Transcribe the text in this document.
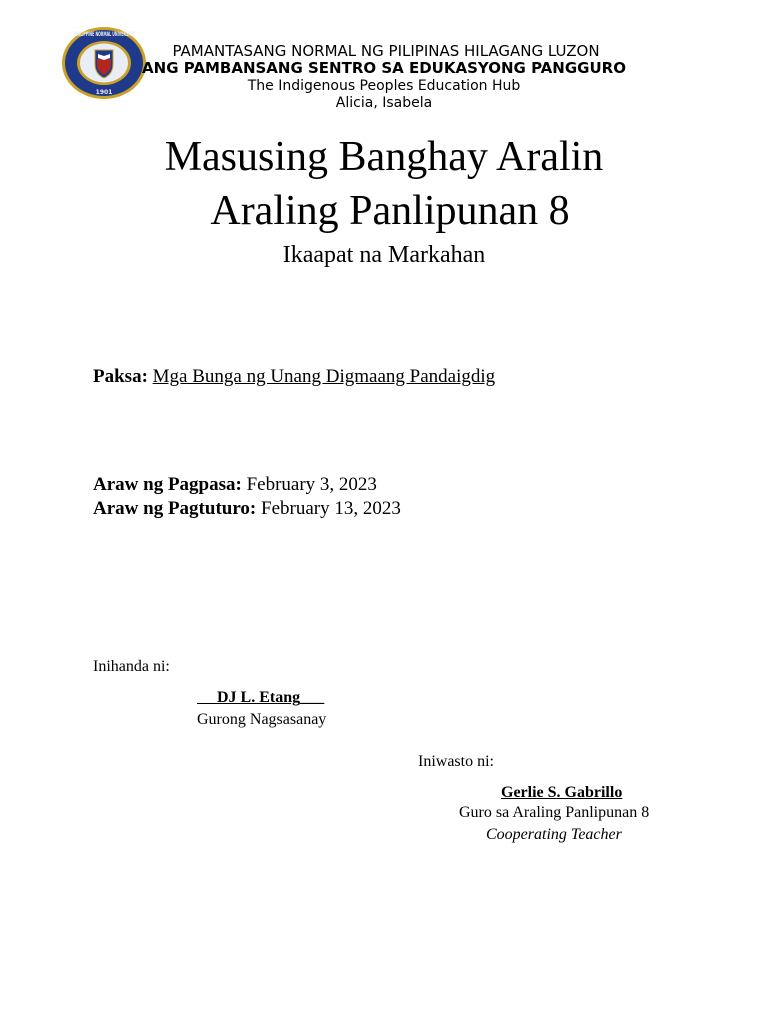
PHILIPPINE NORMAL UNIVERSITY
1901
PAMANTASANG NORMAL NG PILIPINAS HILAGANG LUZON
ANG PAMBANSANG SENTRO SA EDUKASYONG PANGGURO
The Indigenous Peoples Education Hub
Alicia, Isabela
Masusing Banghay Aralin
Araling Panlipunan 8
Ikaapat na Markahan
Paksa: Mga Bunga ng Unang Digmaang Pandaigdig
Araw ng Pagpasa: February 3, 2023
Araw ng Pagtuturo: February 13, 2023
Inihanda ni:
DJ L. Etang___
Gurong Nagsasanay
Iniwasto ni:
Gerlie S. Gabrillo
Guro sa Araling Panlipunan 8
Cooperating Teacher
